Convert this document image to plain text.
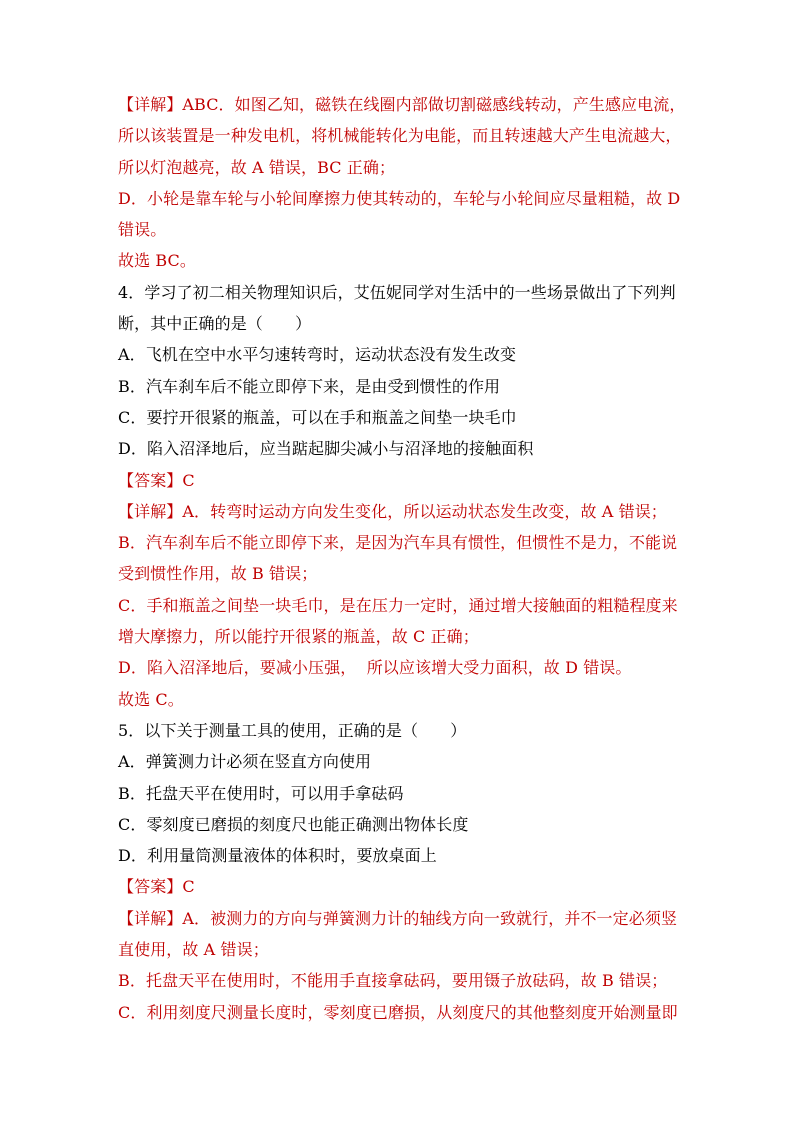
【详解】ABC．如图乙知，磁铁在线圈内部做切割磁感线转动，产生感应电流，
所以该装置是一种发电机，将机械能转化为电能，而且转速越大产生电流越大，
所以灯泡越亮，故 A 错误，BC 正确；
D．小轮是靠车轮与小轮间摩擦力使其转动的，车轮与小轮间应尽量粗糙，故 D
错误。
故选 BC。
4．学习了初二相关物理知识后，艾伍妮同学对生活中的一些场景做出了下列判
断，其中正确的是（　　）
A．飞机在空中水平匀速转弯时，运动状态没有发生改变
B．汽车刹车后不能立即停下来，是由受到惯性的作用
C．要拧开很紧的瓶盖，可以在手和瓶盖之间垫一块毛巾
D．陷入沼泽地后，应当踮起脚尖减小与沼泽地的接触面积
【答案】C
【详解】A．转弯时运动方向发生变化，所以运动状态发生改变，故 A 错误；
B．汽车刹车后不能立即停下来，是因为汽车具有惯性，但惯性不是力，不能说
受到惯性作用，故 B 错误；
C．手和瓶盖之间垫一块毛巾，是在压力一定时，通过增大接触面的粗糙程度来
增大摩擦力，所以能拧开很紧的瓶盖，故 C 正确；
D．陷入沼泽地后，要减小压强，  所以应该增大受力面积，故 D 错误。
故选 C。
5．以下关于测量工具的使用，正确的是（　　）
A．弹簧测力计必须在竖直方向使用
B．托盘天平在使用时，可以用手拿砝码
C．零刻度已磨损的刻度尺也能正确测出物体长度
D．利用量筒测量液体的体积时，要放桌面上
【答案】C
【详解】A．被测力的方向与弹簧测力计的轴线方向一致就行，并不一定必须竖
直使用，故 A 错误；
B．托盘天平在使用时，不能用手直接拿砝码，要用镊子放砝码，故 B 错误；
C．利用刻度尺测量长度时，零刻度已磨损，从刻度尺的其他整刻度开始测量即
